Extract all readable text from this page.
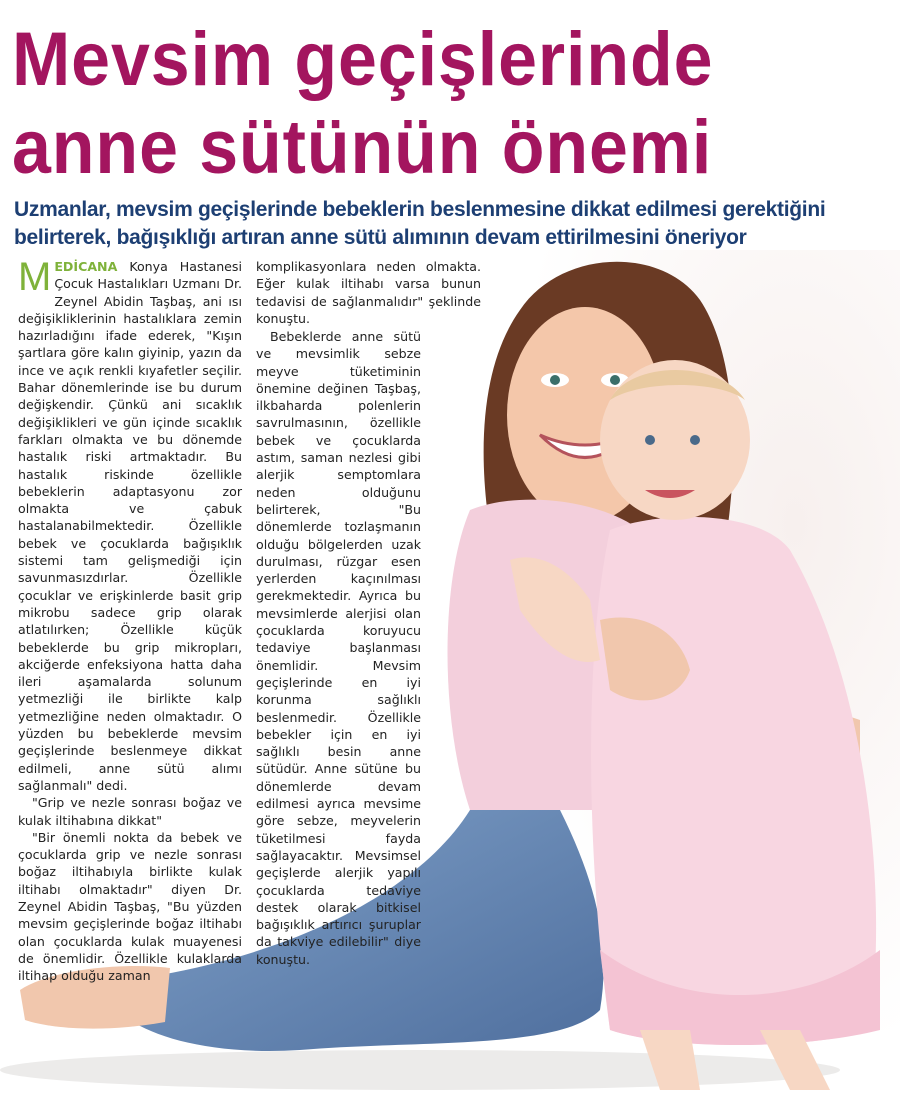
Mevsim geçişlerinde
anne sütünün önemi
Uzmanlar, mevsim geçişlerinde bebeklerin beslenmesine dikkat edilmesi gerektiğini belirterek, bağışıklığı artıran anne sütü alımının devam ettirilmesini öneriyor

MEDİCANA Konya Hastanesi Çocuk Hastalıkları Uzmanı Dr. Zeynel Abidin Taşbaş, ani ısı değişikliklerinin hastalıklara zemin hazırladığını ifade ederek, "Kışın şartlara göre kalın giyinip, yazın da ince ve açık renkli kıyafetler seçilir. Bahar dönemlerinde ise bu durum değişkendir. Çünkü ani sıcaklık değişiklikleri ve gün içinde sıcaklık farkları olmakta ve bu dönemde hastalık riski artmaktadır. Bu hastalık riskinde özellikle bebeklerin adaptasyonu zor olmakta ve çabuk hastalanabilmektedir. Özellikle bebek ve çocuklarda bağışıklık sistemi tam gelişmediği için savunmasızdırlar. Özellikle çocuklar ve erişkinlerde basit grip mikrobu sadece grip olarak atlatılırken; Özellikle küçük bebeklerde bu grip mikropları, akciğerde enfeksiyona hatta daha ileri aşamalarda solunum yetmezliği ile birlikte kalp yetmezliğine neden olmaktadır. O yüzden bu bebeklerde mevsim geçişlerinde beslenmeye dikkat edilmeli, anne sütü alımı sağlanmalı" dedi.

"Grip ve nezle sonrası boğaz ve kulak iltihabına dikkat"

"Bir önemli nokta da bebek ve çocuklarda grip ve nezle sonrası boğaz iltihabıyla birlikte kulak iltihabı olmaktadır" diyen Dr. Zeynel Abidin Taşbaş, "Bu yüzden mevsim geçişlerinde boğaz iltihabı olan çocuklarda kulak muayenesi de önemlidir. Özellikle kulaklarda iltihap olduğu zaman

komplikasyonlara neden olmakta. Eğer kulak iltihabı varsa bunun tedavisi de sağlanmalıdır" şeklinde konuştu.

Bebeklerde anne sütü ve mevsimlik sebze meyve tüketiminin önemine değinen Taşbaş, ilkbaharda polenlerin savrulmasının, özellikle bebek ve çocuklarda astım, saman nezlesi gibi alerjik semptomlara neden olduğunu belirterek, "Bu dönemlerde tozlaşmanın olduğu bölgelerden uzak durulması, rüzgar esen yerlerden kaçınılması gerekmektedir. Ayrıca bu mevsimlerde alerjisi olan çocuklarda koruyucu tedaviye başlanması önemlidir. Mevsim geçişlerinde en iyi korunma sağlıklı beslenmedir. Özellikle bebekler için en iyi sağlıklı besin anne sütüdür. Anne sütüne bu dönemlerde devam edilmesi ayrıca mevsime göre sebze, meyvelerin tüketilmesi fayda sağlayacaktır. Mevsimsel geçişlerde alerjik yapılı çocuklarda tedaviye destek olarak bitkisel bağışıklık artırıcı şuruplar da takviye edilebilir" diye konuştu.
